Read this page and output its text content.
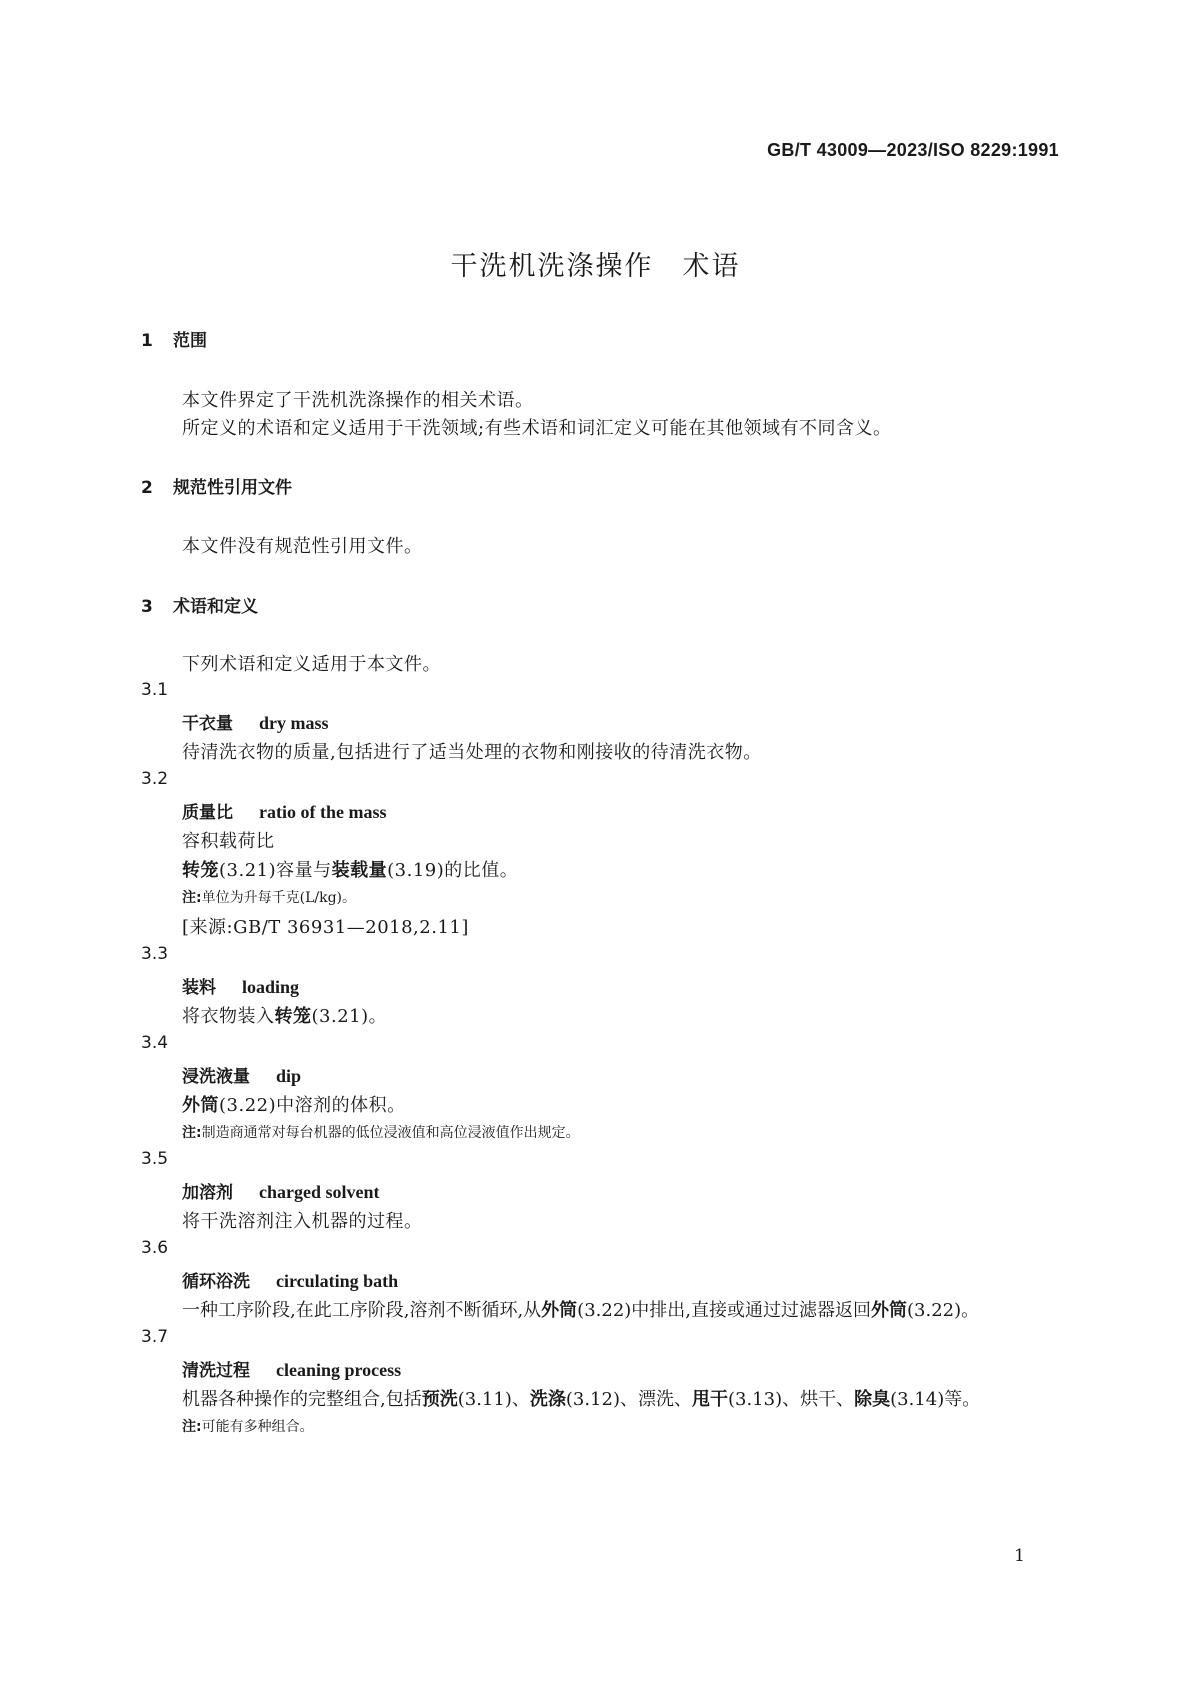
GB/T 43009—2023/ISO 8229:1991
干洗机洗涤操作　术语
1 范围
本文件界定了干洗机洗涤操作的相关术语。
所定义的术语和定义适用于干洗领域;有些术语和词汇定义可能在其他领域有不同含义。
2 规范性引用文件
本文件没有规范性引用文件。
3 术语和定义
下列术语和定义适用于本文件。
3.1
干衣量 dry mass
待清洗衣物的质量,包括进行了适当处理的衣物和刚接收的待清洗衣物。
3.2
质量比 ratio of the mass
容积载荷比
转笼(3.21)容量与装载量(3.19)的比值。
注:单位为升每千克(L/kg)。
[来源:GB/T 36931—2018,2.11]
3.3
装料 loading
将衣物装入转笼(3.21)。
3.4
浸洗液量 dip
外筒(3.22)中溶剂的体积。
注:制造商通常对每台机器的低位浸液值和高位浸液值作出规定。
3.5
加溶剂 charged solvent
将干洗溶剂注入机器的过程。
3.6
循环浴洗 circulating bath
一种工序阶段,在此工序阶段,溶剂不断循环,从外筒(3.22)中排出,直接或通过过滤器返回外筒(3.22)。
3.7
清洗过程 cleaning process
机器各种操作的完整组合,包括预洗(3.11)、洗涤(3.12)、漂洗、甩干(3.13)、烘干、除臭(3.14)等。
注:可能有多种组合。
1
